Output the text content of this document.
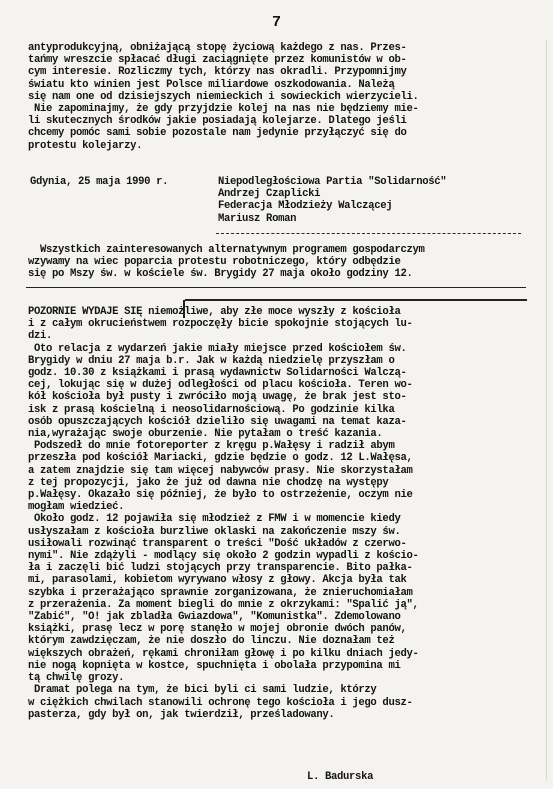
7
antyprodukcyjną, obniżającą stopę życiową każdego z nas. Przes-
tańmy wreszcie spłacać długi zaciągnięte przez komunistów w ob-
cym interesie. Rozliczmy tych, którzy nas okradli. Przypomnijmy
światu kto winien jest Polsce miliardowe oszkodowania. Należą
się nam one od dzisiejszych niemieckich i sowieckich wierzycieli.
Nie zapominajmy, że gdy przyjdzie kolej na nas nie będziemy mie-
li skutecznych środków jakie posiadają kolejarze. Dlatego jeśli
chcemy pomóc sami sobie pozostale nam jedynie przyłączyć się do
protestu kolejarzy.
Gdynia, 25 maja 1990 r.	Niepodległościowa Partia "Solidarność"
Andrzej Czaplicki
Federacja Młodzieży Walczącej
Mariusz Roman
Wszystkich zainteresowanych alternatywnym programem gospodarczym
wzywamy na wiec poparcia protestu robotniczego, który odbędzie
się po Mszy św. w kościele św. Brygidy 27 maja około godziny 12.
POZORNIE WYDAJE SIĘ niemożliwe, aby złe moce wyszły z kościoła
i z całym okrucieństwem rozpoczęły bicie spokojnie stojących lu-
dzi.
Oto relacja z wydarzeń jakie miały miejsce przed kościołem św.
Brygidy w dniu 27 maja b.r. Jak w każdą niedzielę przyszłam o
godz. 10.30 z książkami i prasą wydawnictw Solidarności Walczą-
cej, lokując się w dużej odległości od placu kościoła. Teren wo-
kół kościoła był pusty i zwróciło moją uwagę, że brak jest sto-
isk z prasą kościelną i neosolidarnościową. Po godzinie kilka
osób opuszczających kościół dzieliło się uwagami na temat kaza-
nia,wyrażając swoje oburzenie. Nie pytałam o treść kazania.
Podszedł do mnie fotoreporter z kręgu p.Wałęsy i radził abym
przeszła pod kościół Mariacki, gdzie będzie o godz. 12 L.Wałęsa,
a zatem znajdzie się tam więcej nabywców prasy. Nie skorzystałam
z tej propozycji, jako że już od dawna nie chodzę na występy
p.Wałęsy. Okazało się później, że było to ostrzeżenie, oczym nie
mogłam wiedzieć.
Około godz. 12 pojawiła się młodzież z FMW i w momencie kiedy
usłyszałam z kościoła burzliwe oklaski na zakończenie mszy św.
usiłowali rozwinąć transparent o treści "Dość układów z czerwo-
nymi". Nie zdążyli - modlący się około 2 godzin wypadli z kościo-
ła i zaczęli bić ludzi stojących przy transparencie. Bito pałka-
mi, parasolami, kobietom wyrywano włosy z głowy. Akcja była tak
szybka i przerażająco sprawnie zorganizowana, że znieruchomiałam
z przerażenia. Za moment biegli do mnie z okrzykami: "Spalić ją",
"Zabić", "O! jak zbladła Gwiazdowa", "Komunistka". Zdemolowano
książki, prasę lecz w porę stanęło w mojej obronie dwóch panów,
którym zawdzięczam, że nie doszło do linczu. Nie doznałam też
większych obrażeń, rękami chroniłam głowę i po kilku dniach jedy-
nie nogą kopnięta w kostce, spuchnięta i obolała przypomina mi
tą chwilę grozy.
Dramat polega na tym, że bici byli ci sami ludzie, którzy
w ciężkich chwilach stanowili ochronę tego kościoła i jego dusz-
pasterza, gdy był on, jak twierdził, prześladowany.
L. Badurska
